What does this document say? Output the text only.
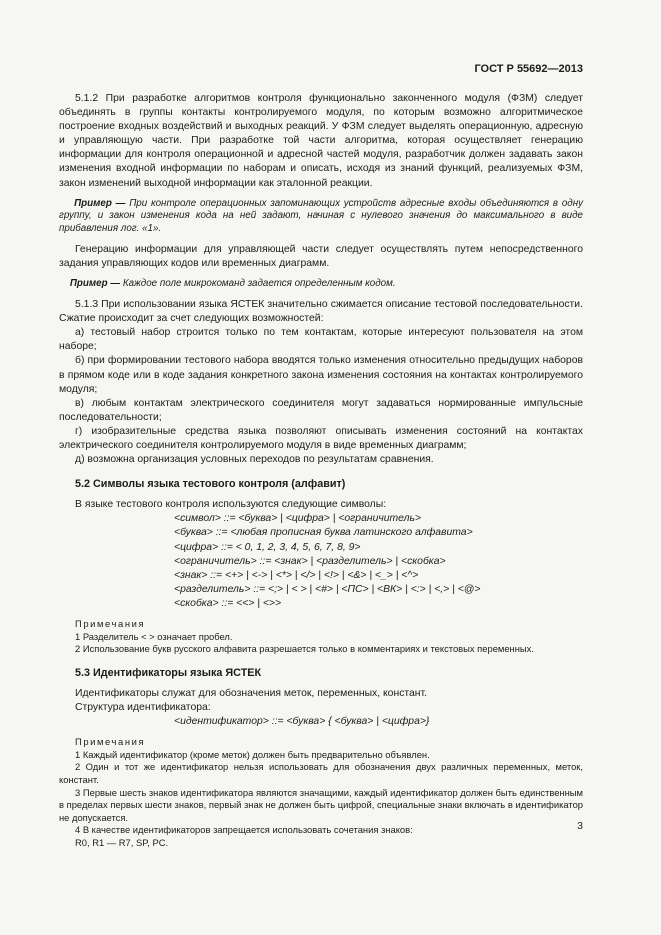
ГОСТ Р 55692—2013

5.1.2 При разработке алгоритмов контроля функционально законченного модуля (ФЗМ) следует объединять в группы контакты контролируемого модуля, по которым возможно алгоритмическое построение входных воздействий и выходных реакций. У ФЗМ следует выделять операционную, адресную и управляющую части. При разработке той части алгоритма, которая осуществляет генерацию информации для контроля операционной и адресной частей модуля, разработчик должен задавать закон изменения входной информации по наборам и описать, исходя из знаний функций, реализуемых ФЗМ, закон изменений выходной информации как эталонной реакции.

Пример — При контроле операционных запоминающих устройств адресные входы объединяются в одну группу, и закон изменения кода на ней задают, начиная с нулевого значения до максимального в виде прибавления лог. «1».

Генерацию информации для управляющей части следует осуществлять путем непосредственного задания управляющих кодов или временных диаграмм.

Пример — Каждое поле микрокоманд задается определенным кодом.

5.1.3 При использовании языка ЯСТЕК значительно сжимается описание тестовой последовательности. Сжатие происходит за счет следующих возможностей:

а) тестовый набор строится только по тем контактам, которые интересуют пользователя на этом наборе;

б) при формировании тестового набора вводятся только изменения относительно предыдущих наборов в прямом коде или в коде задания конкретного закона изменения состояния на контактах контролируемого модуля;

в) любым контактам электрического соединителя могут задаваться нормированные импульсные последовательности;

г) изобразительные средства языка позволяют описывать изменения состояний на контактах электрического соединителя контролируемого модуля в виде временных диаграмм;

д) возможна организация условных переходов по результатам сравнения.

5.2 Символы языка тестового контроля (алфавит)

В языке тестового контроля используются следующие символы:

<символ> ::= <буква> | <цифра> | <ограничитель>

<буква> ::= <любая прописная буква латинского алфавита>

<цифра> ::= < 0, 1, 2, 3, 4, 5, 6, 7, 8, 9>

<ограничитель> ::= <знак> | <разделитель> | <скобка>

<знак> ::= <+> | <-> | <*> | </> | <!> | <&> | <_> | <^>

<разделитель> ::= <;> | < > | <#> | <ПС> | <ВК> | <:> | <,> | <@>

<скобка> ::= <<> | <>>

Примечания

1 Разделитель < > означает пробел.

2 Использование букв русского алфавита разрешается только в комментариях и текстовых переменных.

5.3 Идентификаторы языка ЯСТЕК

Идентификаторы служат для обозначения меток, переменных, констант.

Структура идентификатора:

<идентификатор> ::= <буква> { <буква> | <цифра>}

Примечания

1 Каждый идентификатор (кроме меток) должен быть предварительно объявлен.

2 Один и тот же идентификатор нельзя использовать для обозначения двух различных переменных, меток, констант.

3 Первые шесть знаков идентификатора являются значащими, каждый идентификатор должен быть единственным в пределах первых шести знаков, первый знак не должен быть цифрой, специальные знаки включать в идентификатор не допускается.

4 В качестве идентификаторов запрещается использовать сочетания знаков:

R0, R1 — R7, SP, PC.

3
